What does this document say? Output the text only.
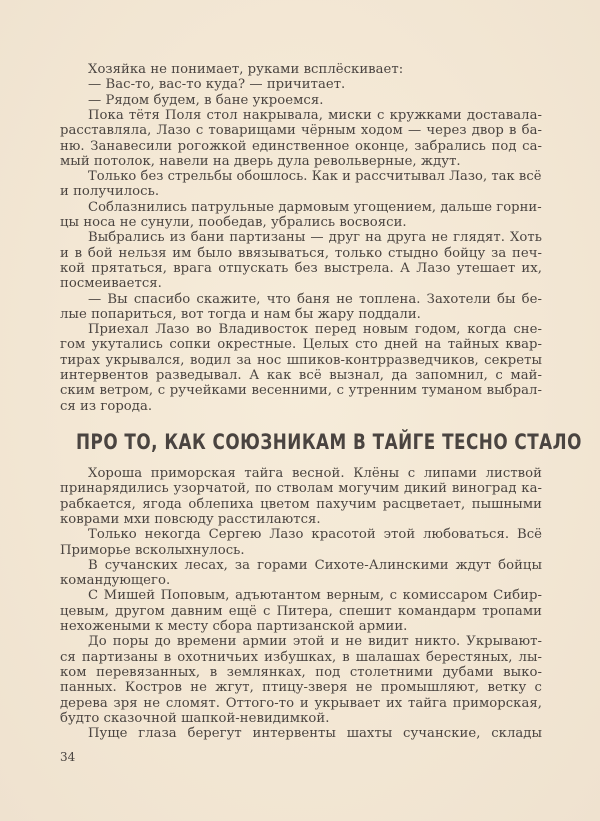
Хозяйка не понимает, руками всплёскивает:
— Вас-то, вас-то куда? — причитает.
— Рядом будем, в бане укроемся.
Пока тётя Поля стол накрывала, миски с кружками доставала-
расставляла, Лазо с товарищами чёрным ходом — через двор в ба-
ню. Занавесили рогожкой единственное оконце, забрались под са-
мый потолок, навели на дверь дула револьверные, ждут.
Только без стрельбы обошлось. Как и рассчитывал Лазо, так всё
и получилось.
Соблазнились патрульные дармовым угощением, дальше горни-
цы носа не сунули, пообедав, убрались восвояси.
Выбрались из бани партизаны — друг на друга не глядят. Хоть
и в бой нельзя им было ввязываться, только стыдно бойцу за печ-
кой прятаться, врага отпускать без выстрела. А Лазо утешает их,
посмеивается.
— Вы спасибо скажите, что баня не топлена. Захотели бы бе-
лые попариться, вот тогда и нам бы жару поддали.
Приехал Лазо во Владивосток перед новым годом, когда сне-
гом укутались сопки окрестные. Целых сто дней на тайных квар-
тирах укрывался, водил за нос шпиков-контрразведчиков, секреты
интервентов разведывал. А как всё вызнал, да запомнил, с май-
ским ветром, с ручейками весенними, с утренним туманом выбрал-
ся из города.
ПРО ТО, КАК СОЮЗНИКАМ В ТАЙГЕ ТЕСНО СТАЛО
Хороша приморская тайга весной. Клёны с липами листвой
принарядились узорчатой, по стволам могучим дикий виноград ка-
рабкается, ягода облепиха цветом пахучим расцветает, пышными
коврами мхи повсюду расстилаются.
Только некогда Сергею Лазо красотой этой любоваться. Всё
Приморье всколыхнулось.
В сучанских лесах, за горами Сихоте-Алинскими ждут бойцы
командующего.
С Мишей Поповым, адъютантом верным, с комиссаром Сибир-
цевым, другом давним ещё с Питера, спешит командарм тропами
нехожеными к месту сбора партизанской армии.
До поры до времени армии этой и не видит никто. Укрывают-
ся партизаны в охотничьих избушках, в шалашах берестяных, лы-
ком перевязанных, в землянках, под столетними дубами выко-
панных. Костров не жгут, птицу-зверя не промышляют, ветку с
дерева зря не сломят. Оттого-то и укрывает их тайга приморская,
будто сказочной шапкой-невидимкой.
Пуще глаза берегут интервенты шахты сучанские, склады
34
